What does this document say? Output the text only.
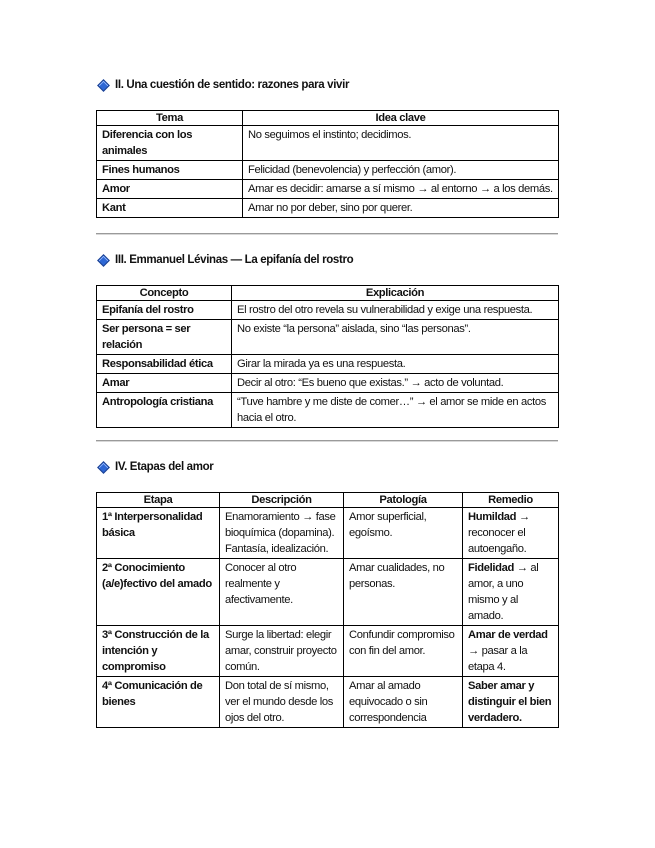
II. Una cuestión de sentido: razones para vivir
Tema	Idea clave
Diferencia con los animales	No seguimos el instinto; decidimos.
Fines humanos	Felicidad (benevolencia) y perfección (amor).
Amor	Amar es decidir: amarse a sí mismo → al entorno → a los demás.
Kant	Amar no por deber, sino por querer.
III. Emmanuel Lévinas — La epifanía del rostro
Concepto	Explicación
Epifanía del rostro	El rostro del otro revela su vulnerabilidad y exige una respuesta.
Ser persona = ser relación	No existe “la persona” aislada, sino “las personas”.
Responsabilidad ética	Girar la mirada ya es una respuesta.
Amar	Decir al otro: “Es bueno que existas.” → acto de voluntad.
Antropología cristiana	“Tuve hambre y me diste de comer…” → el amor se mide en actos hacia el otro.
IV. Etapas del amor
Etapa	Descripción	Patología	Remedio
1ª Interpersonalidad básica	Enamoramiento → fase bioquímica (dopamina). Fantasía, idealización.	Amor superficial, egoísmo.	Humildad → reconocer el autoengaño.
2ª Conocimiento (a/e)fectivo del amado	Conocer al otro realmente y afectivamente.	Amar cualidades, no personas.	Fidelidad → al amor, a uno mismo y al amado.
3ª Construcción de la intención y compromiso	Surge la libertad: elegir amar, construir proyecto común.	Confundir compromiso con fin del amor.	Amar de verdad → pasar a la etapa 4.
4ª Comunicación de bienes	Don total de sí mismo, ver el mundo desde los ojos del otro.	Amar al amado equivocado o sin correspondencia	Saber amar y distinguir el bien verdadero.
